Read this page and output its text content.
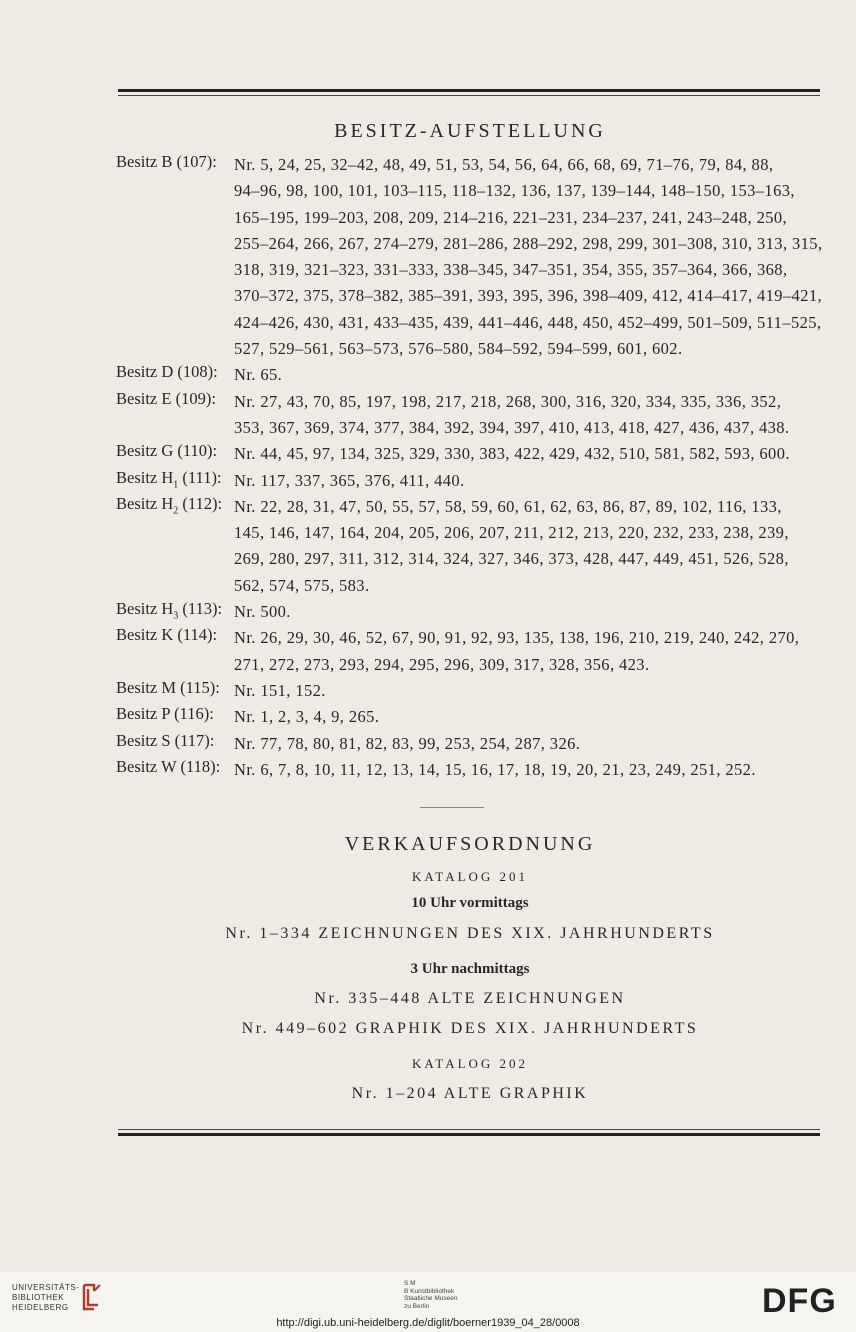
BESITZ-AUFSTELLUNG
Besitz B (107):	Nr. 5, 24, 25, 32–42, 48, 49, 51, 53, 54, 56, 64, 66, 68, 69, 71–76, 79, 84, 88,
94–96, 98, 100, 101, 103–115, 118–132, 136, 137, 139–144, 148–150, 153–163,
165–195, 199–203, 208, 209, 214–216, 221–231, 234–237, 241, 243–248, 250,
255–264, 266, 267, 274–279, 281–286, 288–292, 298, 299, 301–308, 310, 313, 315,
318, 319, 321–323, 331–333, 338–345, 347–351, 354, 355, 357–364, 366, 368,
370–372, 375, 378–382, 385–391, 393, 395, 396, 398–409, 412, 414–417, 419–421,
424–426, 430, 431, 433–435, 439, 441–446, 448, 450, 452–499, 501–509, 511–525,
527, 529–561, 563–573, 576–580, 584–592, 594–599, 601, 602.
Besitz D (108): Nr. 65.
Besitz E (109):	Nr. 27, 43, 70, 85, 197, 198, 217, 218, 268, 300, 316, 320, 334, 335, 336, 352,
353, 367, 369, 374, 377, 384, 392, 394, 397, 410, 413, 418, 427, 436, 437, 438.
Besitz G (110):	Nr. 44, 45, 97, 134, 325, 329, 330, 383, 422, 429, 432, 510, 581, 582, 593, 600.
Besitz $H_1$ (111): Nr. 117, 337, 365, 376, 411, 440.
Besitz $H_2$ (112): Nr. 22, 28, 31, 47, 50, 55, 57, 58, 59, 60, 61, 62, 63, 86, 87, 89, 102, 116, 133,
145, 146, 147, 164, 204, 205, 206, 207, 211, 212, 213, 220, 232, 233, 238, 239,
269, 280, 297, 311, 312, 314, 324, 327, 346, 373, 428, 447, 449, 451, 526, 528,
562, 574, 575, 583.
Besitz $H_3$ (113): Nr. 500.
Besitz K (114):	Nr. 26, 29, 30, 46, 52, 67, 90, 91, 92, 93, 135, 138, 196, 210, 219, 240, 242, 270,
271, 272, 273, 293, 294, 295, 296, 309, 317, 328, 356, 423.
Besitz M (115): Nr. 151, 152.
Besitz P (116):	Nr. 1, 2, 3, 4, 9, 265.
Besitz S (117):	Nr. 77, 78, 80, 81, 82, 83, 99, 253, 254, 287, 326.
Besitz W (118): Nr. 6, 7, 8, 10, 11, 12, 13, 14, 15, 16, 17, 18, 19, 20, 21, 23, 249, 251, 252.
VERKAUFSORDNUNG
KATALOG 201
10 Uhr vormittags
Nr. 1–334 ZEICHNUNGEN DES XIX. JAHRHUNDERTS
3 Uhr nachmittags
Nr. 335–448 ALTE ZEICHNUNGEN
Nr. 449–602 GRAPHIK DES XIX. JAHRHUNDERTS
KATALOG 202
Nr. 1–204 ALTE GRAPHIK
UNIVERSITÄTS-
BIBLIOTHEK
HEIDELBERG
S M
B Kunstbibliothek
Staatliche Museen
zu Berlin	DFG
http://digi.ub.uni-heidelberg.de/diglit/boerner1939_04_28/0008
